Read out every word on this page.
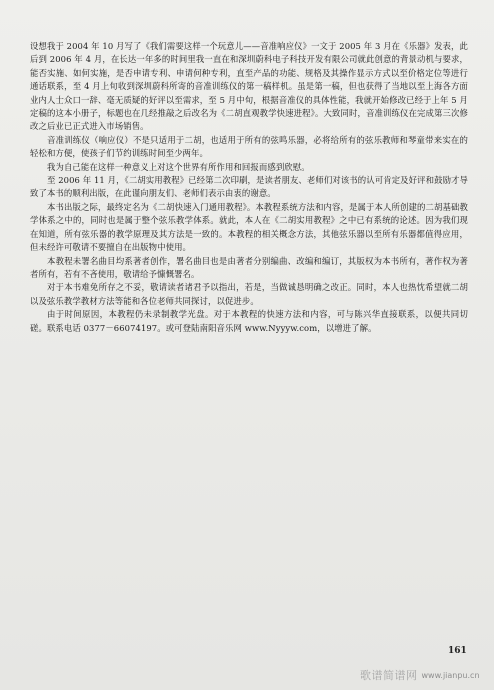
设想我于 2004 年 10 月写了《我们需要这样一个玩意儿——音准响应仪》一文于 2005 年 3 月在《乐器》发表，此后到 2006 年 4 月，在长达一年多的时间里我一直在和深圳蔚科电子科技开发有限公司就此创意的背景动机与要求，能否实施、如何实施，是否申请专利、申请何种专利，直至产品的功能、规格及其操作显示方式以至价格定位等进行通话联系，至 4 月上旬收到深圳蔚科所寄的音准训练仪的第一稿样机。虽是第一稿，但也获得了当地以至上海各方面业内人士众口一辞、毫无质疑的好评以至需求，至 5 月中旬，根据音准仪的具体性能，我就开始修改已经于上年 5 月定稿的这本小册子，标题也在几经推敲之后改名为《二胡直观教学快速进程》。大致同时，音准训练仪在完成第三次修改之后业已正式进入市场销售。

音准训练仪（响应仪）不是只适用于二胡，也适用于所有的弦鸣乐器，必将给所有的弦乐教师和琴童带来实在的轻松和方便，使孩子们节约训练时间至少两年。

我为自己能在这样一种意义上对这个世界有所作用和回报而感到欣慰。

至 2006 年 11 月，《二胡实用教程》已经第二次印刷，是读者朋友、老师们对该书的认可肯定及好评和鼓励才导致了本书的顺利出版，在此谨向朋友们、老师们表示由衷的谢意。

本书出版之际，最终定名为《二胡快速入门通用教程》。本教程系统方法和内容，是属于本人所创建的二胡基础教学体系之中的，同时也是属于整个弦乐教学体系。就此，本人在《二胡实用教程》之中已有系统的论述。因为我们现在知道，所有弦乐器的教学原理及其方法是一致的。本教程的相关概念方法，其他弦乐器以至所有乐器都值得应用，但未经许可敬请不要擅自在出版物中使用。

本教程未署名曲目均系著者创作，署名曲目也是由著者分别编曲、改编和编订，其版权为本书所有，著作权为著者所有，若有不吝使用，敬请给予慷慨署名。

对于本书难免所存之不妥，敬请读者诸君予以指出，若是，当做诚恳明确之改正。同时，本人也热忱希望就二胡以及弦乐教学教材方法等能和各位老师共同探讨，以促进步。

由于时间原因，本教程仍未录制教学光盘。对于本教程的快速方法和内容，可与陈兴华直接联系，以便共同切磋。联系电话 0377－66074197。或可登陆南阳音乐网 www.Nyyyw.com，以增进了解。

161
歌谱简谱网 www.jianpu.cn
